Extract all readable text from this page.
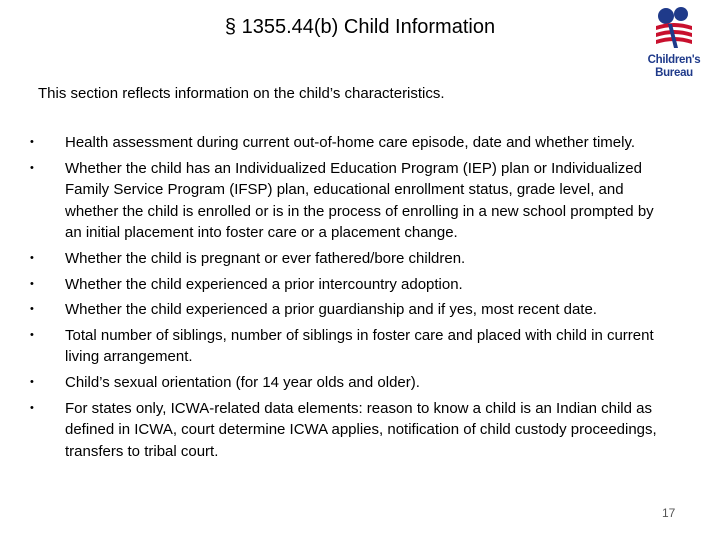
§ 1355.44(b) Child Information
Children's
Bureau

This section reflects information on the child’s characteristics.

• Health assessment during current out-of-home care episode, date and whether timely.
• Whether the child has an Individualized Education Program (IEP) plan or Individualized Family Service Program (IFSP) plan, educational enrollment status, grade level, and whether the child is enrolled or is in the process of enrolling in a new school prompted by an initial placement into foster care or a placement change.
• Whether the child is pregnant or ever fathered/bore children.
• Whether the child experienced a prior intercountry adoption.
• Whether the child experienced a prior guardianship and if yes, most recent date.
• Total number of siblings, number of siblings in foster care and placed with child in current living arrangement.
• Child’s sexual orientation (for 14 year olds and older).
• For states only, ICWA-related data elements: reason to know a child is an Indian child as defined in ICWA, court determine ICWA applies, notification of child custody proceedings, transfers to tribal court.
17
